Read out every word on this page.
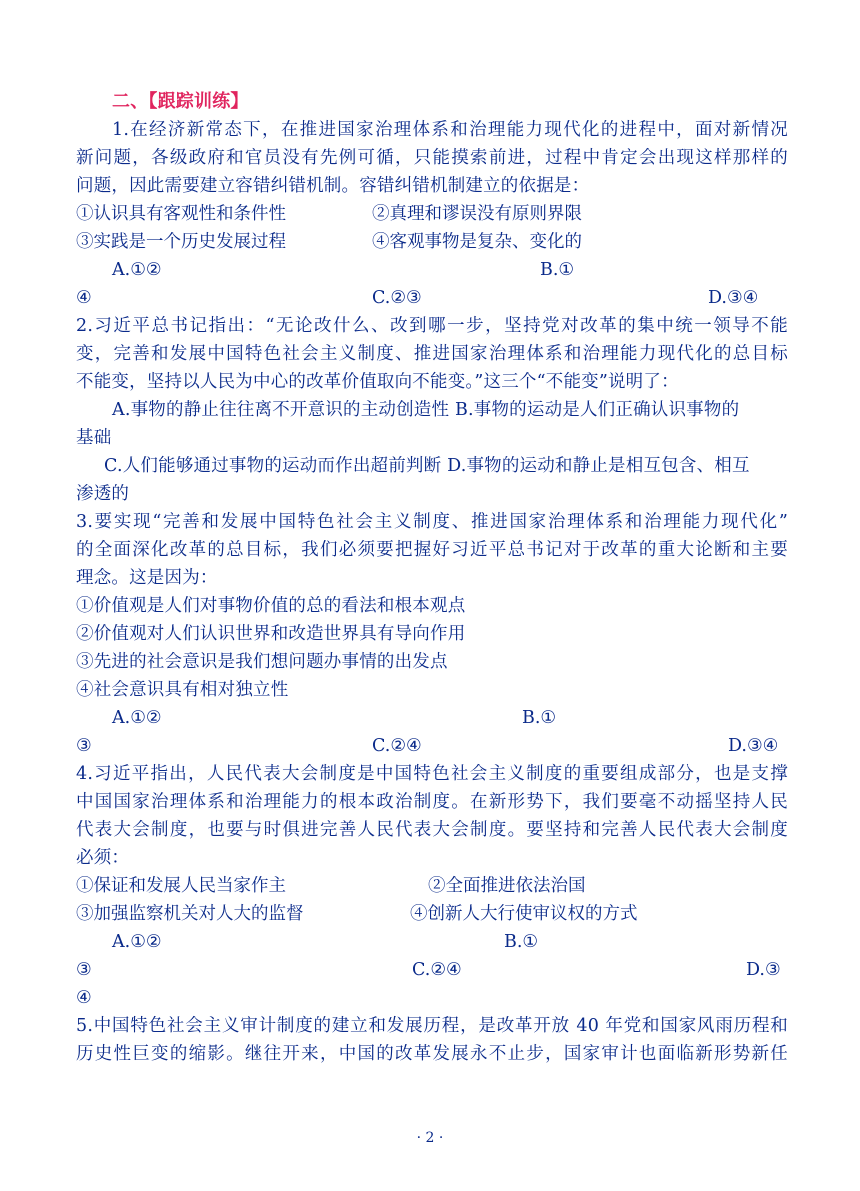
二、【跟踪训练】
1.在经济新常态下，在推进国家治理体系和治理能力现代化的进程中，面对新情况
新问题，各级政府和官员没有先例可循，只能摸索前进，过程中肯定会出现这样那样的
问题，因此需要建立容错纠错机制。容错纠错机制建立的依据是：
①认识具有客观性和条件性	②真理和谬误没有原则界限
③实践是一个历史发展过程	④客观事物是复杂、变化的
A.①②	B.①
④	C.②③	D.③④
2.习近平总书记指出：“无论改什么、改到哪一步，坚持党对改革的集中统一领导不能
变，完善和发展中国特色社会主义制度、推进国家治理体系和治理能力现代化的总目标
不能变，坚持以人民为中心的改革价值取向不能变。”这三个“不能变”说明了：
A.事物的静止往往离不开意识的主动创造性 B.事物的运动是人们正确认识事物的
基础
C.人们能够通过事物的运动而作出超前判断 D.事物的运动和静止是相互包含、相互
渗透的
3.要实现“完善和发展中国特色社会主义制度、推进国家治理体系和治理能力现代化”
的全面深化改革的总目标，我们必须要把握好习近平总书记对于改革的重大论断和主要
理念。这是因为：
①价值观是人们对事物价值的总的看法和根本观点
②价值观对人们认识世界和改造世界具有导向作用
③先进的社会意识是我们想问题办事情的出发点
④社会意识具有相对独立性
A.①②	B.①
③	C.②④	D.③④
4.习近平指出，人民代表大会制度是中国特色社会主义制度的重要组成部分，也是支撑
中国国家治理体系和治理能力的根本政治制度。在新形势下，我们要毫不动摇坚持人民
代表大会制度，也要与时俱进完善人民代表大会制度。要坚持和完善人民代表大会制度
必须：
①保证和发展人民当家作主	②全面推进依法治国
③加强监察机关对人大的监督	④创新人大行使审议权的方式
A.①②	B.①
③	C.②④	D.③
④
5.中国特色社会主义审计制度的建立和发展历程，是改革开放 40 年党和国家风雨历程和
历史性巨变的缩影。继往开来，中国的改革发展永不止步，国家审计也面临新形势新任
· 2 ·
